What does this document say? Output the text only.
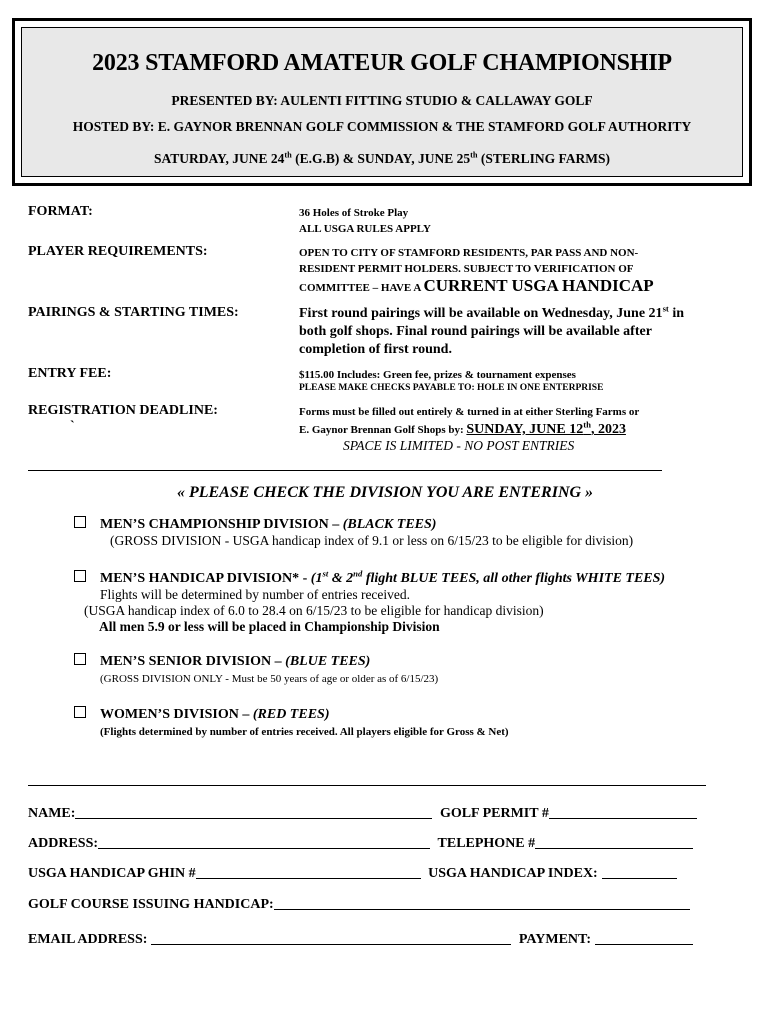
2023 STAMFORD AMATEUR GOLF CHAMPIONSHIP
PRESENTED BY: AULENTI FITTING STUDIO & CALLAWAY GOLF
HOSTED BY: E. GAYNOR BRENNAN GOLF COMMISSION & THE STAMFORD GOLF AUTHORITY
SATURDAY, JUNE 24th (E.G.B) & SUNDAY, JUNE 25th (STERLING FARMS)
FORMAT:	36 Holes of Stroke Play
ALL USGA RULES APPLY
PLAYER REQUIREMENTS:	OPEN TO CITY OF STAMFORD RESIDENTS, PAR PASS AND NON-
RESIDENT PERMIT HOLDERS. SUBJECT TO VERIFICATION OF
COMMITTEE – HAVE A CURRENT USGA HANDICAP
PAIRINGS & STARTING TIMES:	First round pairings will be available on Wednesday, June 21st in
both golf shops. Final round pairings will be available after
completion of first round.
ENTRY FEE:	$115.00 Includes: Green fee, prizes & tournament expenses
PLEASE MAKE CHECKS PAYABLE TO: HOLE IN ONE ENTERPRISE
REGISTRATION DEADLINE:
`
Forms must be filled out entirely & turned in at either Sterling Farms or
E. Gaynor Brennan Golf Shops by: SUNDAY, JUNE 12th, 2023
SPACE IS LIMITED - NO POST ENTRIES
« PLEASE CHECK THE DIVISION YOU ARE ENTERING »
MEN’S CHAMPIONSHIP DIVISION – (BLACK TEES)
(GROSS DIVISION - USGA handicap index of 9.1 or less on 6/15/23 to be eligible for division)
MEN’S HANDICAP DIVISION* - (1st & 2nd flight BLUE TEES, all other flights WHITE TEES)
Flights will be determined by number of entries received.
(USGA handicap index of 6.0 to 28.4 on 6/15/23 to be eligible for handicap division)
All men 5.9 or less will be placed in Championship Division
MEN’S SENIOR DIVISION – (BLUE TEES)
(GROSS DIVISION ONLY - Must be 50 years of age or older as of 6/15/23)
WOMEN’S DIVISION – (RED TEES)
(Flights determined by number of entries received. All players eligible for Gross & Net)
NAME:	GOLF PERMIT #
ADDRESS:	TELEPHONE #
USGA HANDICAP GHIN #	USGA HANDICAP INDEX:
GOLF COURSE ISSUING HANDICAP:
EMAIL ADDRESS:	PAYMENT:
